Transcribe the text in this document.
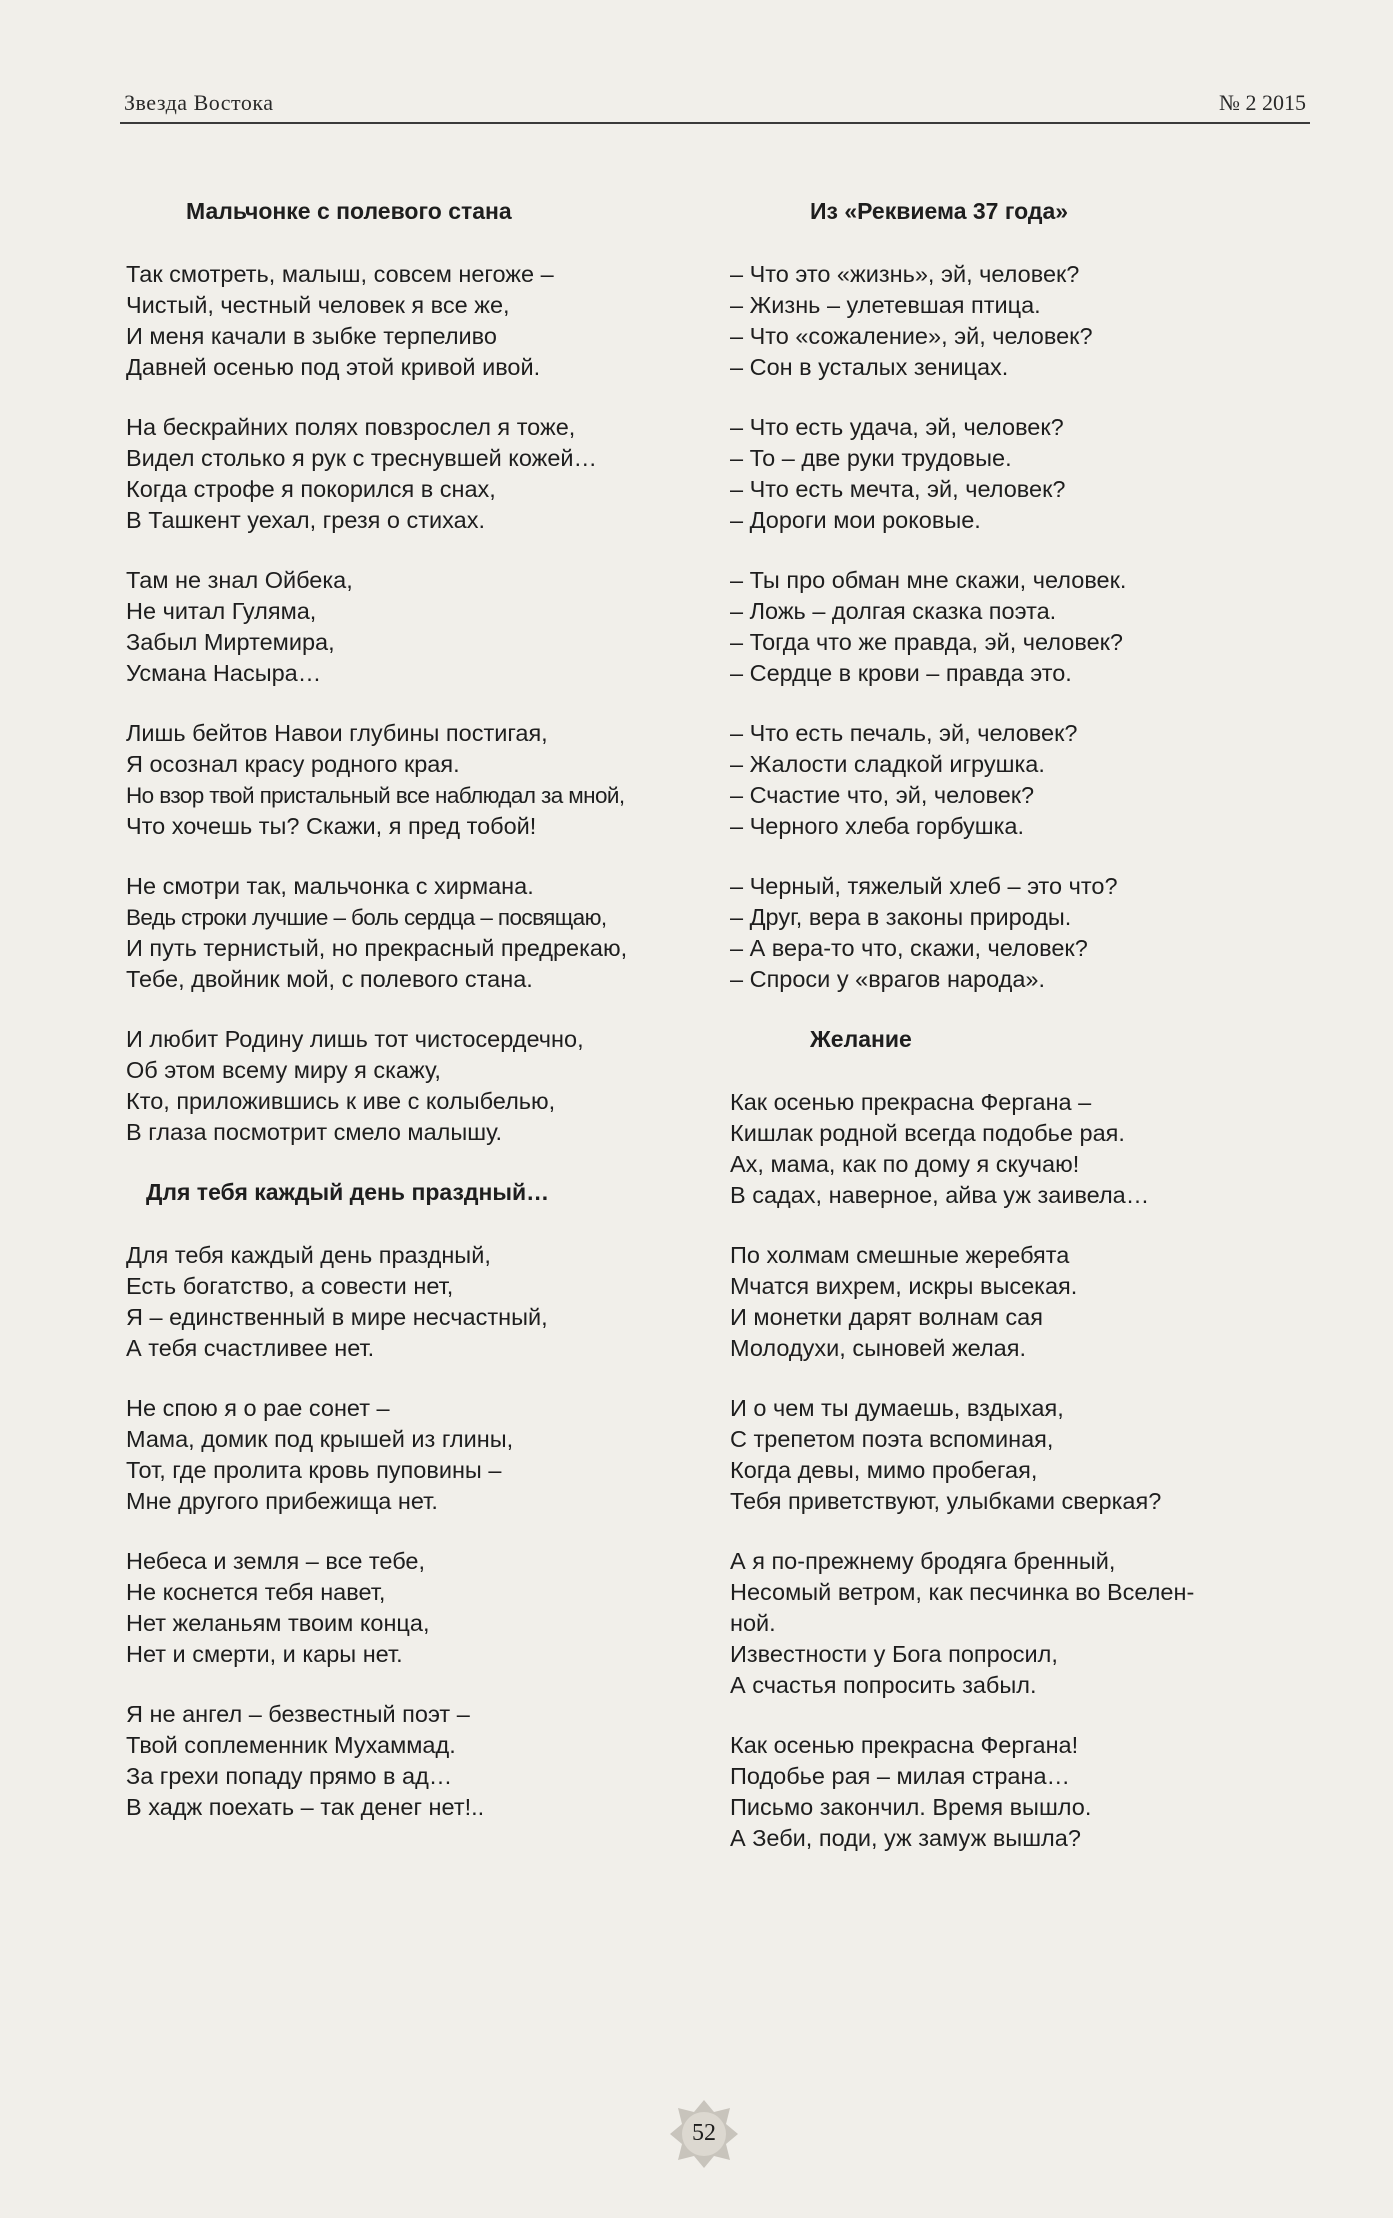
Звезда Востока	№ 2 2015
Мальчонке с полевого стана
Так смотреть, малыш, совсем негоже –
Чистый, честный человек я все же,
И меня качали в зыбке терпеливо
Давней осенью под этой кривой ивой.
На бескрайних полях повзрослел я тоже,
Видел столько я рук с треснувшей кожей…
Когда строфе я покорился в снах,
В Ташкент уехал, грезя о стихах.
Там не знал Ойбека,
Не читал Гуляма,
Забыл Миртемира,
Усмана Насыра…
Лишь бейтов Навои глубины постигая,
Я осознал красу родного края.
Но взор твой пристальный все наблюдал за мной,
Что хочешь ты? Скажи, я пред тобой!
Не смотри так, мальчонка с хирмана.
Ведь строки лучшие – боль сердца – посвящаю,
И путь тернистый, но прекрасный предрекаю,
Тебе, двойник мой, с полевого стана.
И любит Родину лишь тот чистосердечно,
Об этом всему миру я скажу,
Кто, приложившись к иве с колыбелью,
В глаза посмотрит смело малышу.
Для тебя каждый день праздный…
Для тебя каждый день праздный,
Есть богатство, а совести нет,
Я – единственный в мире несчастный,
А тебя счастливее нет.
Не спою я о рае сонет –
Мама, домик под крышей из глины,
Тот, где пролита кровь пуповины –
Мне другого прибежища нет.
Небеса и земля – все тебе,
Не коснется тебя навет,
Нет желаньям твоим конца,
Нет и смерти, и кары нет.
Я не ангел – безвестный поэт –
Твой соплеменник Мухаммад.
За грехи попаду прямо в ад…
В хадж поехать – так денег нет!..
Из «Реквиема 37 года»
– Что это «жизнь», эй, человек?
– Жизнь – улетевшая птица.
– Что «сожаление», эй, человек?
– Сон в усталых зеницах.
– Что есть удача, эй, человек?
– То – две руки трудовые.
– Что есть мечта, эй, человек?
– Дороги мои роковые.
– Ты про обман мне скажи, человек.
– Ложь – долгая сказка поэта.
– Тогда что же правда, эй, человек?
– Сердце в крови – правда это.
– Что есть печаль, эй, человек?
– Жалости сладкой игрушка.
– Счастие что, эй, человек?
– Черного хлеба горбушка.
– Черный, тяжелый хлеб – это что?
– Друг, вера в законы природы.
– А вера-то что, скажи, человек?
– Спроси у «врагов народа».
Желание
Как осенью прекрасна Фергана –
Кишлак родной всегда подобье рая.
Ах, мама, как по дому я скучаю!
В садах, наверное, айва уж заивела…
По холмам смешные жеребята
Мчатся вихрем, искры высекая.
И монетки дарят волнам сая
Молодухи, сыновей желая.
И о чем ты думаешь, вздыхая,
С трепетом поэта вспоминая,
Когда девы, мимо пробегая,
Тебя приветствуют, улыбками сверкая?
А я по-прежнему бродяга бренный,
Несомый ветром, как песчинка во Вселен-
ной.
Известности у Бога попросил,
А счастья попросить забыл.
Как осенью прекрасна Фергана!
Подобье рая – милая страна…
Письмо закончил. Время вышло.
А Зеби, поди, уж замуж вышла?
52
